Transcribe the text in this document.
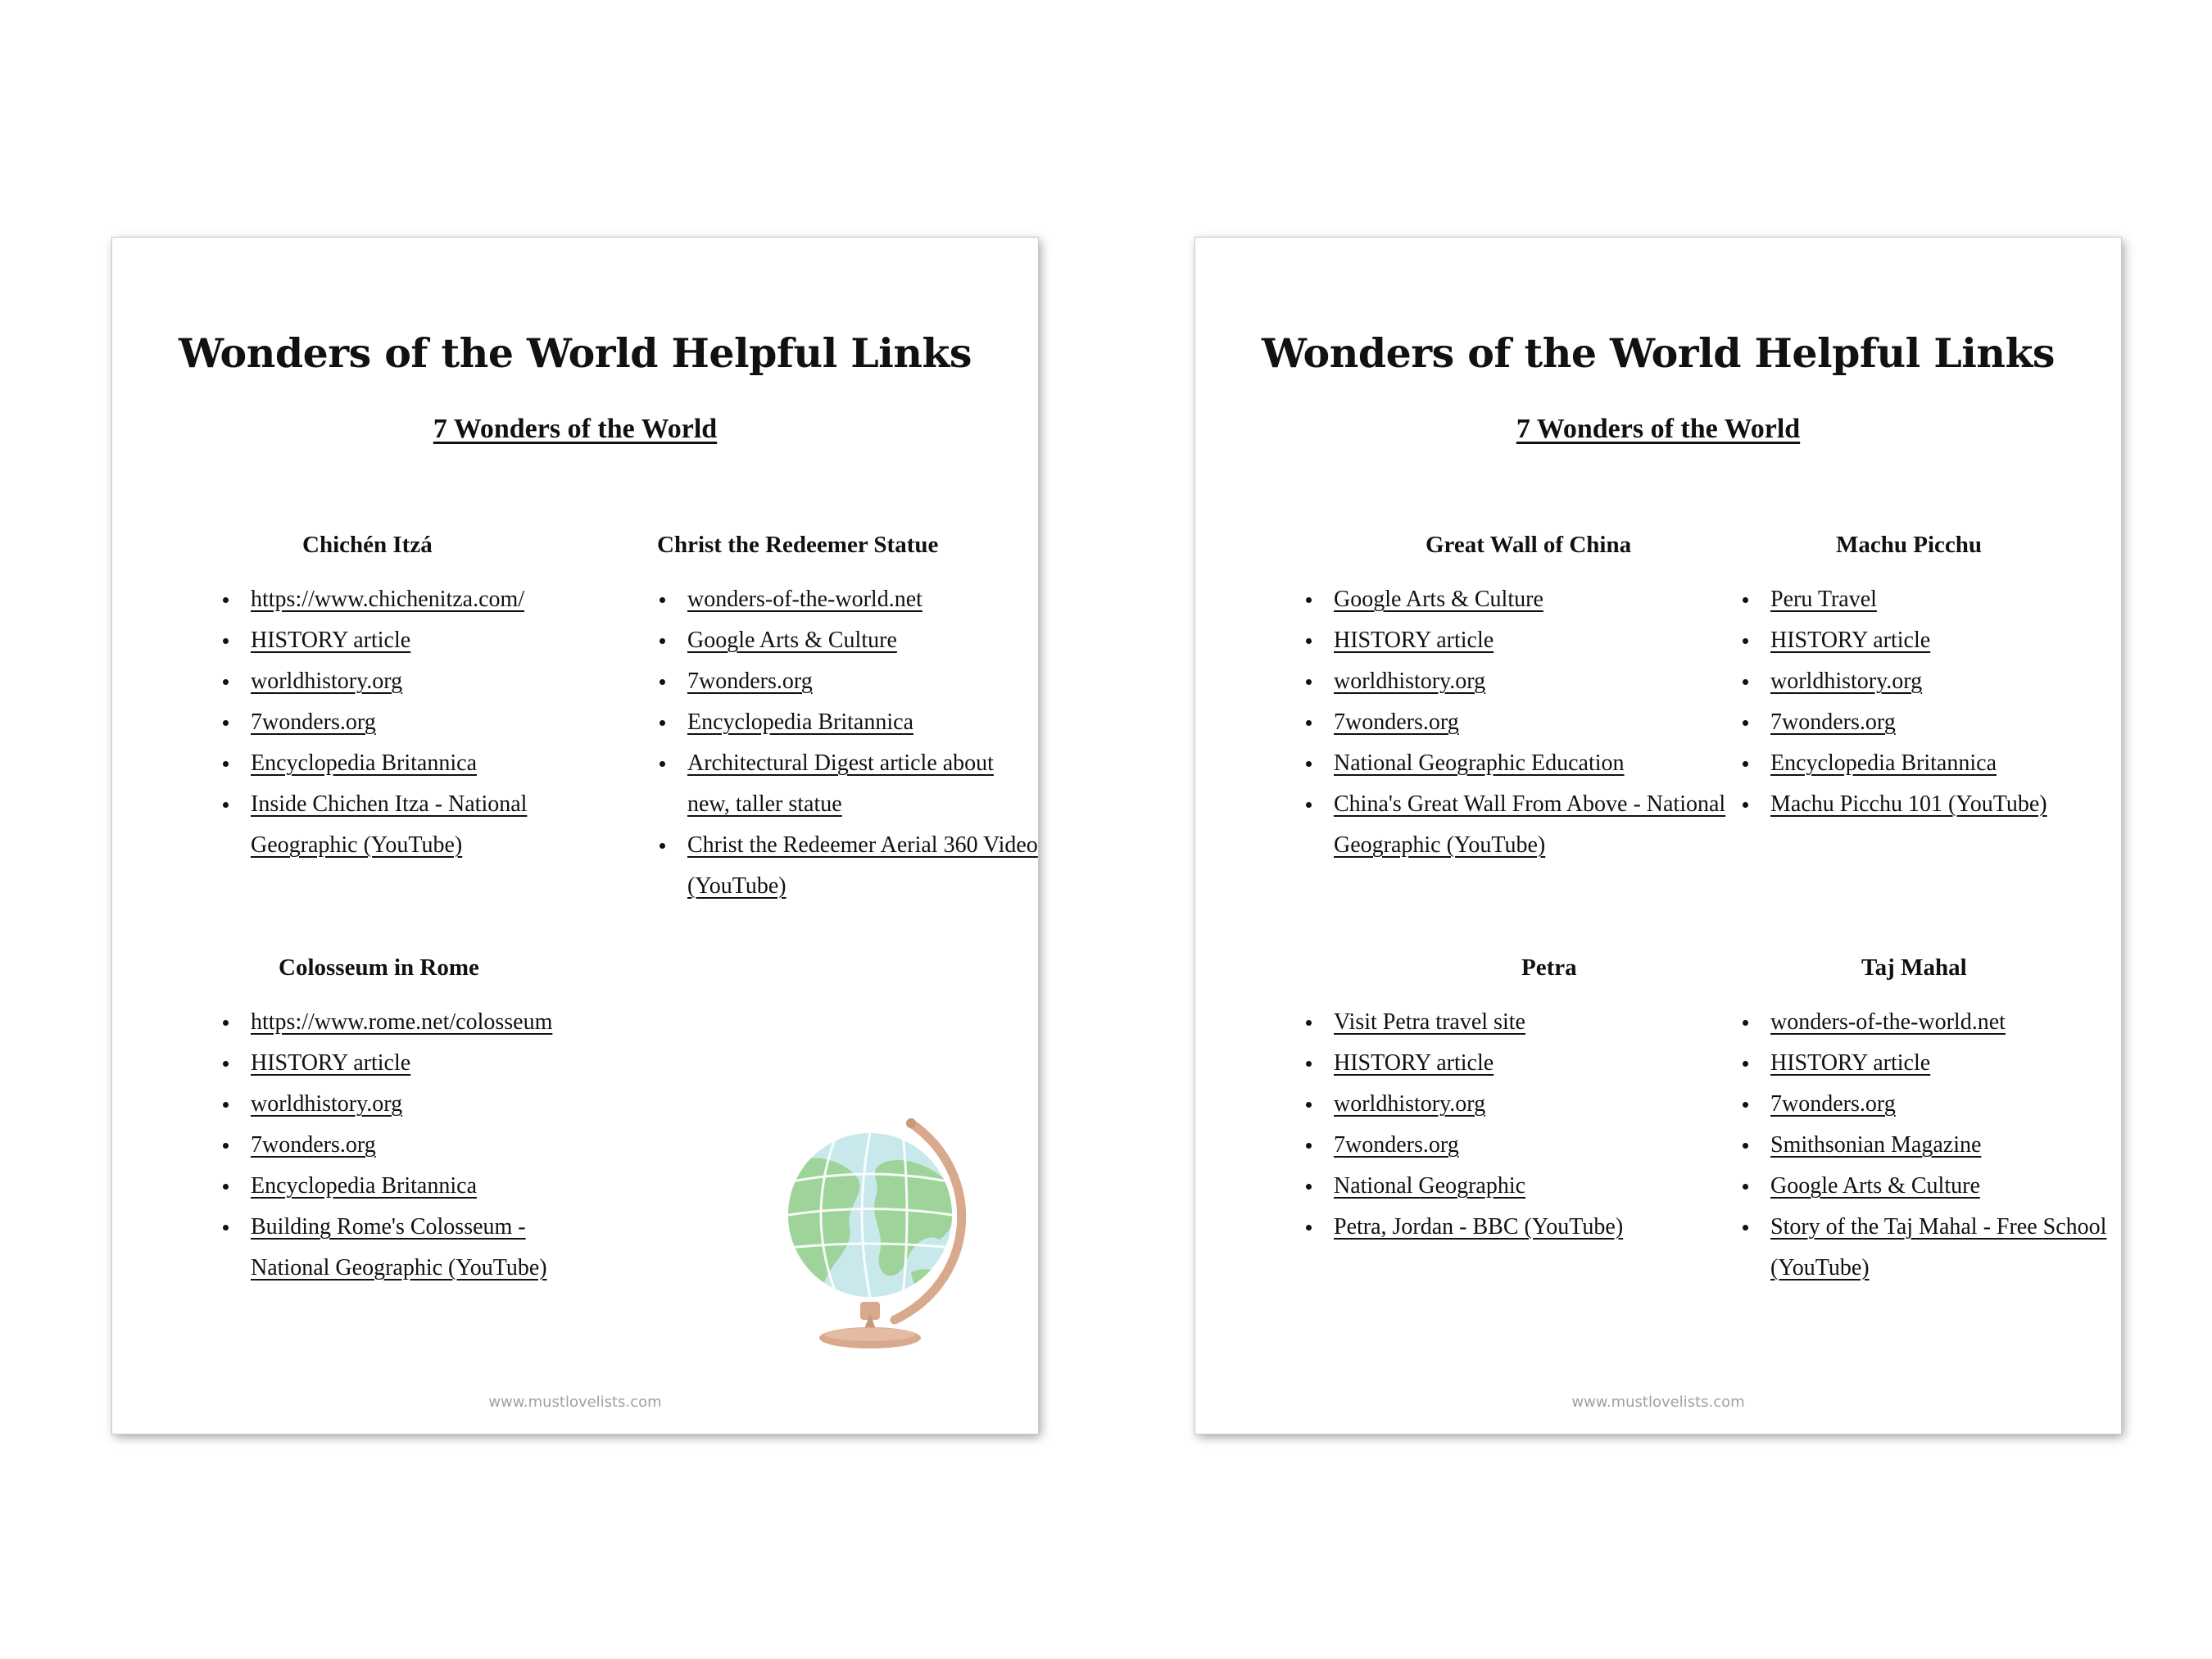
Wonders of the World Helpful Links
7 Wonders of the World
Chichén Itzá
https://www.chichenitza.com/
HISTORY article
worldhistory.org
7wonders.org
Encyclopedia Britannica
Inside Chichen Itza - National Geographic (YouTube)
Christ the Redeemer Statue
wonders-of-the-world.net
Google Arts & Culture
7wonders.org
Encyclopedia Britannica
Architectural Digest article about new, taller statue
Christ the Redeemer Aerial 360 Video (YouTube)
Colosseum in Rome
https://www.rome.net/colosseum
HISTORY article
worldhistory.org
7wonders.org
Encyclopedia Britannica
Building Rome's Colosseum - National Geographic (YouTube)
www.mustlovelists.com
Wonders of the World Helpful Links
7 Wonders of the World
Great Wall of China
Google Arts & Culture
HISTORY article
worldhistory.org
7wonders.org
National Geographic Education
China's Great Wall From Above - National Geographic (YouTube)
Machu Picchu
Peru Travel
HISTORY article
worldhistory.org
7wonders.org
Encyclopedia Britannica
Machu Picchu 101 (YouTube)
Petra
Visit Petra travel site
HISTORY article
worldhistory.org
7wonders.org
National Geographic
Petra, Jordan - BBC (YouTube)
Taj Mahal
wonders-of-the-world.net
HISTORY article
7wonders.org
Smithsonian Magazine
Google Arts & Culture
Story of the Taj Mahal - Free School (YouTube)
www.mustlovelists.com
